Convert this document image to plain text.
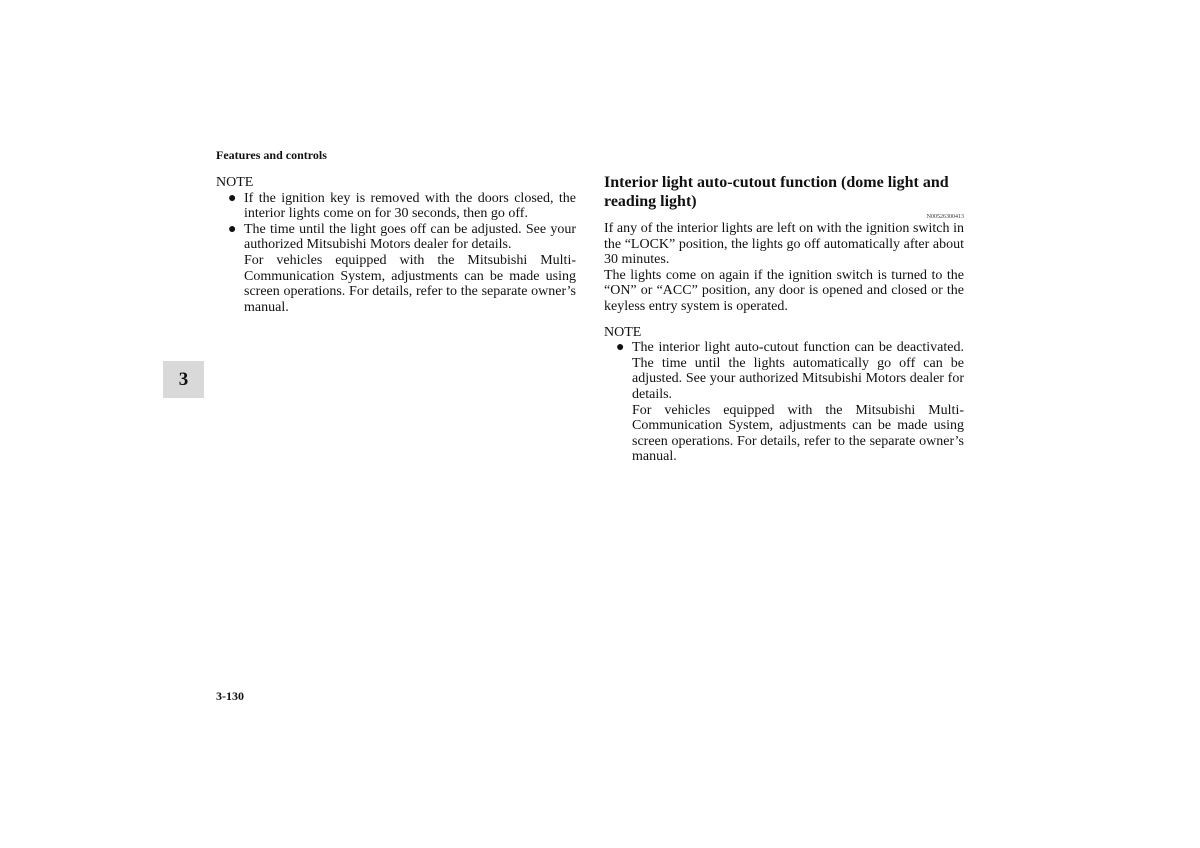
Features and controls
3
NOTE
● If the ignition key is removed with the doors closed, the interior lights come on for 30 seconds, then go off.
● The time until the light goes off can be adjusted. See your authorized Mitsubishi Motors dealer for details.
For vehicles equipped with the Mitsubishi Multi-Communication System, adjustments can be made using screen operations. For details, refer to the separate owner’s manual.
Interior light auto-cutout function (dome light and reading light)
N00526300413
If any of the interior lights are left on with the ignition switch in the “LOCK” position, the lights go off automatically after about 30 minutes.
The lights come on again if the ignition switch is turned to the “ON” or “ACC” position, any door is opened and closed or the keyless entry system is operated.
NOTE
● The interior light auto-cutout function can be deactivated. The time until the lights automatically go off can be adjusted. See your authorized Mitsubishi Motors dealer for details.
For vehicles equipped with the Mitsubishi Multi-Communication System, adjustments can be made using screen operations. For details, refer to the separate owner’s manual.
3-130
